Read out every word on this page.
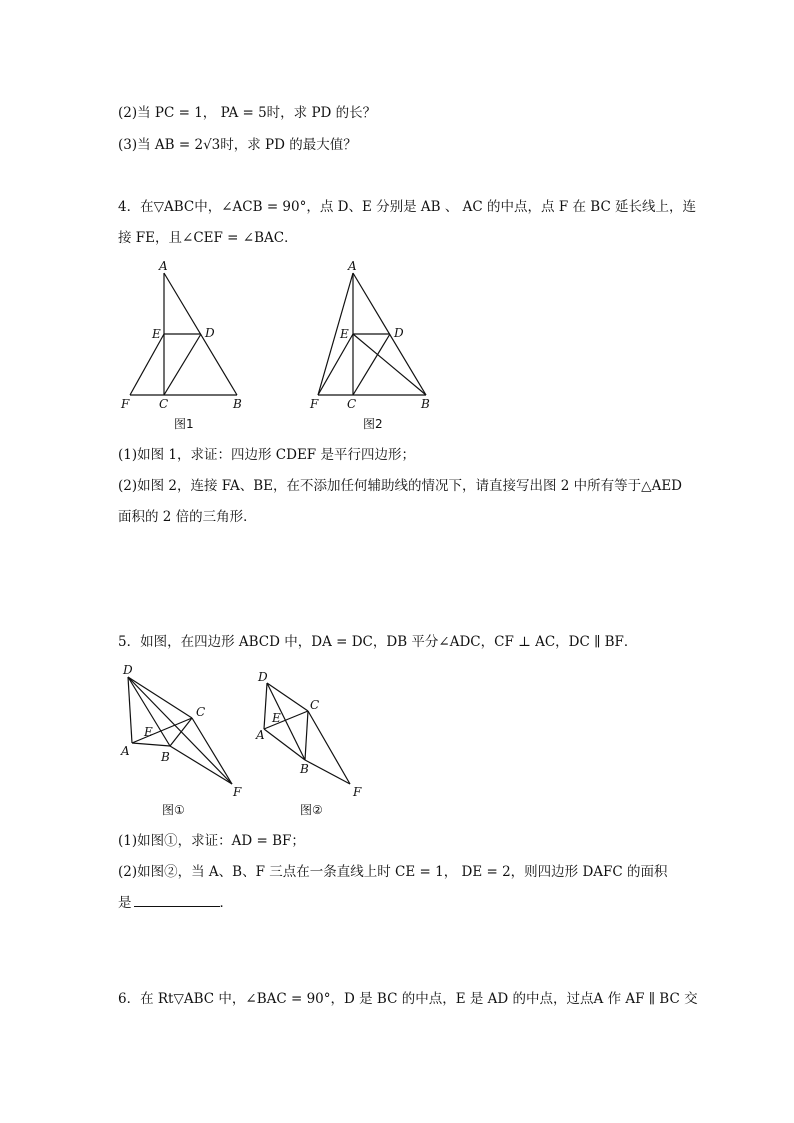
(2)当 PC = 1， PA = 5时，求 PD 的长？
(3)当 AB = 2√3时，求 PD 的最大值？
4．在▽ABC中，∠ACB = 90°，点 D、E 分别是 AB 、 AC 的中点，点 F 在 BC 延长线上，连
接 FE，且∠CEF = ∠BAC．
A
E	D
F C	B
图1
A
E	D
F C	B
图2
D
C
E
A	B
F
图①
D
C
E
A
B
F
图②
(1)如图 1，求证：四边形 CDEF 是平行四边形；
(2)如图 2，连接 FA、BE，在不添加任何辅助线的情况下，请直接写出图 2 中所有等于△AED
面积的 2 倍的三角形．
5．如图，在四边形 ABCD 中，DA = DC，DB 平分∠ADC，CF ⊥ AC，DC ∥ BF．
(1)如图①，求证：AD = BF；
(2)如图②，当 A、B、F 三点在一条直线上时 CE = 1， DE = 2，则四边形 DAFC 的面积
是	．
6．在 Rt▽ABC 中，∠BAC = 90°，D 是 BC 的中点，E 是 AD 的中点，过点A 作 AF ∥ BC 交
